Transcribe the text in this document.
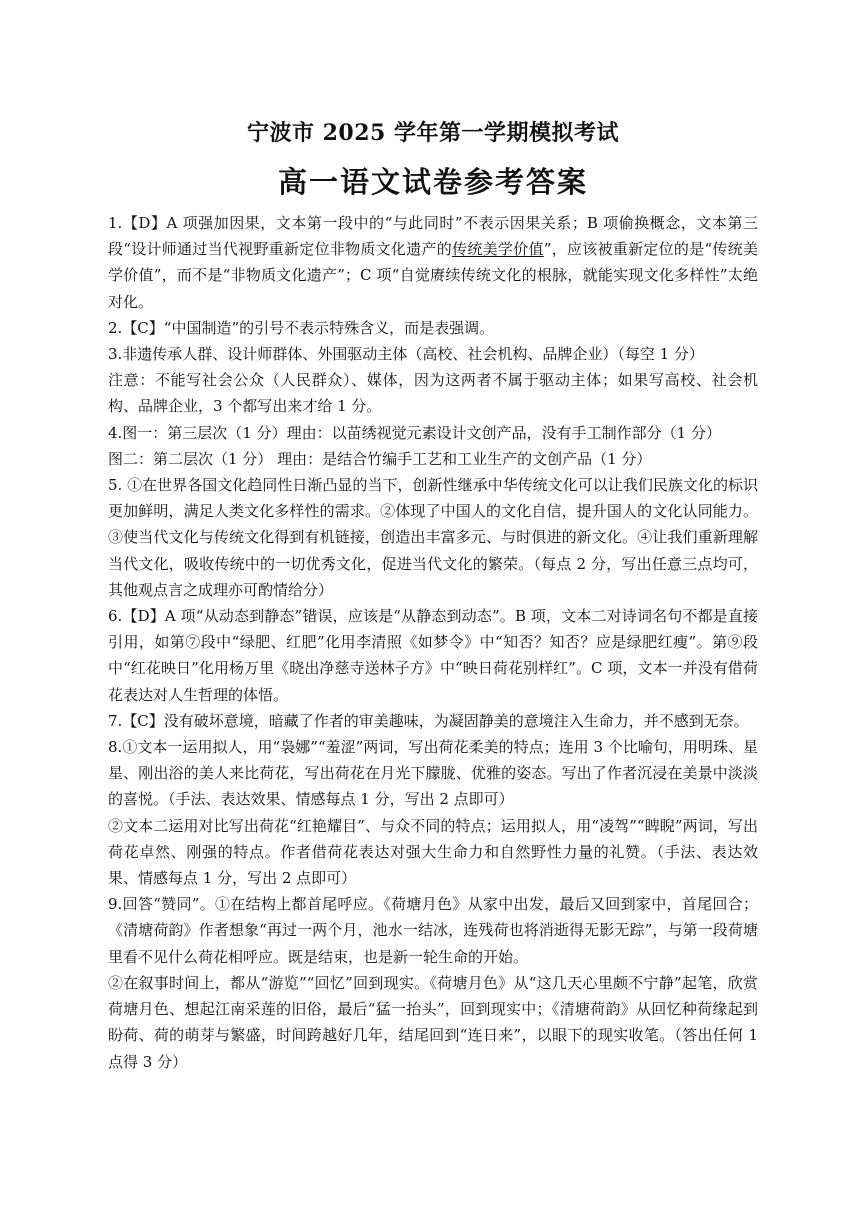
宁波市 2025 学年第一学期模拟考试
高一语文试卷参考答案

1.【D】A 项强加因果，文本第一段中的“与此同时”不表示因果关系；B 项偷换概念，文本第三段“设计师通过当代视野重新定位非物质文化遗产的传统美学价值”，应该被重新定位的是“传统美学价值”，而不是“非物质文化遗产”；C 项“自觉赓续传统文化的根脉，就能实现文化多样性”太绝对化。

2.【C】“中国制造”的引号不表示特殊含义，而是表强调。

3.非遗传承人群、设计师群体、外围驱动主体（高校、社会机构、品牌企业）（每空 1 分）

注意：不能写社会公众（人民群众）、媒体，因为这两者不属于驱动主体；如果写高校、社会机构、品牌企业，3 个都写出来才给 1 分。

4.图一：第三层次（1 分）理由：以苗绣视觉元素设计文创产品，没有手工制作部分（1 分）

图二：第二层次（1 分） 理由：是结合竹编手工艺和工业生产的文创产品（1 分）

5. ①在世界各国文化趋同性日渐凸显的当下，创新性继承中华传统文化可以让我们民族文化的标识更加鲜明，满足人类文化多样性的需求。②体现了中国人的文化自信，提升国人的文化认同能力。③使当代文化与传统文化得到有机链接，创造出丰富多元、与时俱进的新文化。④让我们重新理解当代文化，吸收传统中的一切优秀文化，促进当代文化的繁荣。（每点 2 分，写出任意三点均可，其他观点言之成理亦可酌情给分）

6.【D】A 项“从动态到静态”错误，应该是“从静态到动态”。B 项，文本二对诗词名句不都是直接引用，如第⑦段中“绿肥、红肥”化用李清照《如梦令》中“知否？知否？应是绿肥红瘦”。第⑨段中“红花映日”化用杨万里《晓出净慈寺送林子方》中“映日荷花别样红”。C 项，文本一并没有借荷花表达对人生哲理的体悟。

7.【C】没有破坏意境，暗藏了作者的审美趣味，为凝固静美的意境注入生命力，并不感到无奈。

8.①文本一运用拟人，用“袅娜”“羞涩”两词，写出荷花柔美的特点；连用 3 个比喻句，用明珠、星星、刚出浴的美人来比荷花，写出荷花在月光下朦胧、优雅的姿态。写出了作者沉浸在美景中淡淡的喜悦。（手法、表达效果、情感每点 1 分，写出 2 点即可）

②文本二运用对比写出荷花“红艳耀目”、与众不同的特点；运用拟人，用“凌驾”“睥睨”两词，写出荷花卓然、刚强的特点。作者借荷花表达对强大生命力和自然野性力量的礼赞。（手法、表达效果、情感每点 1 分，写出 2 点即可）

9.回答“赞同”。①在结构上都首尾呼应。《荷塘月色》从家中出发，最后又回到家中，首尾回合；《清塘荷韵》作者想象“再过一两个月，池水一结冰，连残荷也将消逝得无影无踪”，与第一段荷塘里看不见什么荷花相呼应。既是结束，也是新一轮生命的开始。

②在叙事时间上，都从“游览”“回忆”回到现实。《荷塘月色》从“这几天心里颇不宁静”起笔，欣赏荷塘月色、想起江南采莲的旧俗，最后“猛一抬头”，回到现实中；《清塘荷韵》从回忆种荷缘起到盼荷、荷的萌芽与繁盛，时间跨越好几年，结尾回到“连日来”，以眼下的现实收笔。（答出任何 1 点得 3 分）
